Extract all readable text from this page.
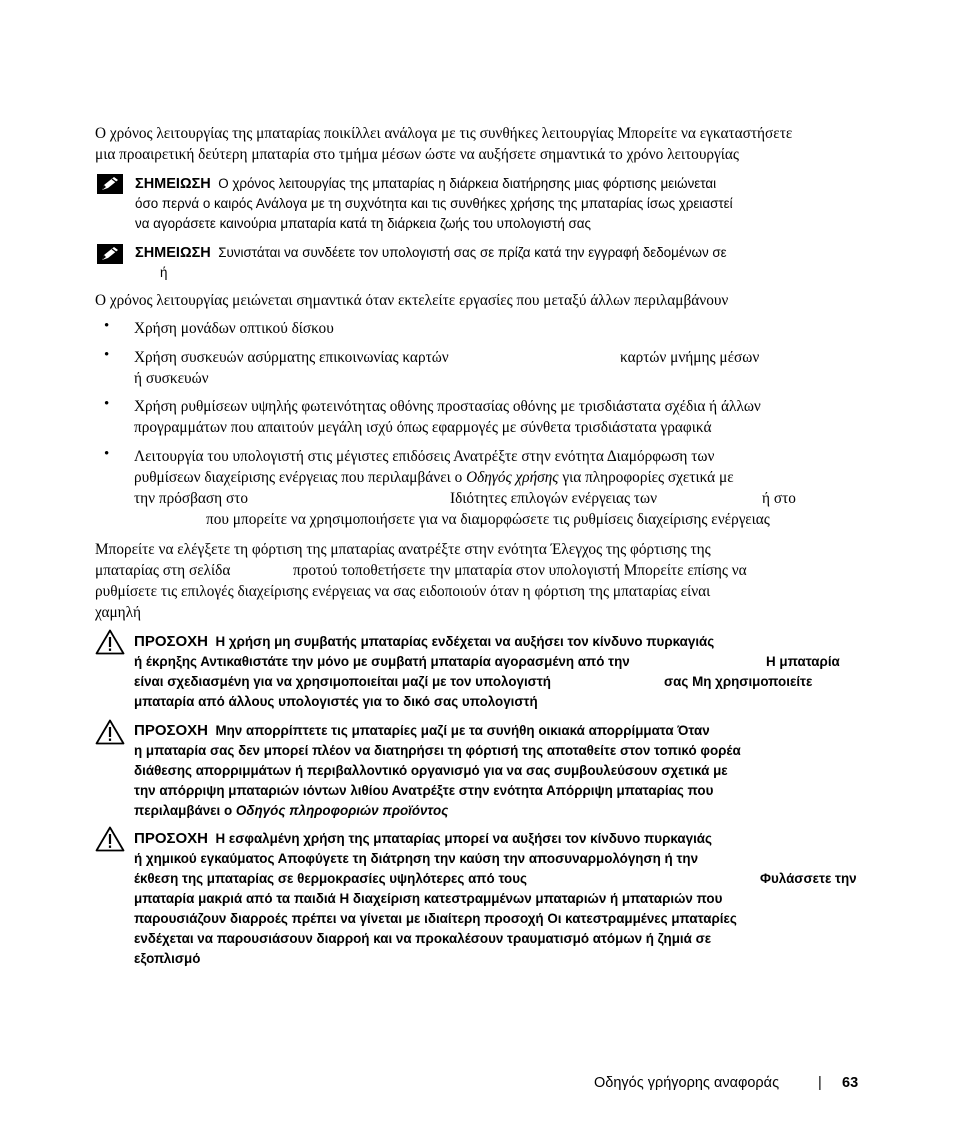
Ο χρόνος λειτουργίας της μπαταρίας ποικίλλει ανάλογα με τις συνθήκες λειτουργίας Μπορείτε να εγκαταστήσετε
μια προαιρετική δεύτερη μπαταρία στο τμήμα μέσων ώστε να αυξήσετε σημαντικά το χρόνο λειτουργίας
ΣΗΜΕΙΩΣΗ Ο χρόνος λειτουργίας της μπαταρίας η διάρκεια διατήρησης μιας φόρτισης μειώνεται
όσο περνά ο καιρός Ανάλογα με τη συχνότητα και τις συνθήκες χρήσης της μπαταρίας ίσως χρειαστεί
να αγοράσετε καινούρια μπαταρία κατά τη διάρκεια ζωής του υπολογιστή σας
ΣΗΜΕΙΩΣΗ Συνιστάται να συνδέετε τον υπολογιστή σας σε πρίζα κατά την εγγραφή δεδομένων σε
ή
Ο χρόνος λειτουργίας μειώνεται σημαντικά όταν εκτελείτε εργασίες που μεταξύ άλλων περιλαμβάνουν
• Χρήση μονάδων οπτικού δίσκου
• Χρήση συσκευών ασύρματης επικοινωνίας καρτών	καρτών μνήμης μέσων
ή συσκευών
• Χρήση ρυθμίσεων υψηλής φωτεινότητας οθόνης προστασίας οθόνης με τρισδιάστατα σχέδια ή άλλων
προγραμμάτων που απαιτούν μεγάλη ισχύ όπως εφαρμογές με σύνθετα τρισδιάστατα γραφικά
• Λειτουργία του υπολογιστή στις μέγιστες επιδόσεις Ανατρέξτε στην ενότητα Διαμόρφωση των
ρυθμίσεων διαχείρισης ενέργειας που περιλαμβάνει ο Οδηγός χρήσης για πληροφορίες σχετικά με
την πρόσβαση στο	Ιδιότητες επιλογών ενέργειας των	ή στο
που μπορείτε να χρησιμοποιήσετε για να διαμορφώσετε τις ρυθμίσεις διαχείρισης ενέργειας
Μπορείτε να ελέγξετε τη φόρτιση της μπαταρίας ανατρέξτε στην ενότητα Έλεγχος της φόρτισης της
μπαταρίας στη σελίδα	προτού τοποθετήσετε την μπαταρία στον υπολογιστή Μπορείτε επίσης να
ρυθμίσετε τις επιλογές διαχείρισης ενέργειας να σας ειδοποιούν όταν η φόρτιση της μπαταρίας είναι
χαμηλή
ΠΡΟΣΟΧΗ Η χρήση μη συμβατής μπαταρίας ενδέχεται να αυξήσει τον κίνδυνο πυρκαγιάς
ή έκρηξης Αντικαθιστάτε την μόνο με συμβατή μπαταρία αγορασμένη από την	Η μπαταρία
είναι σχεδιασμένη για να χρησιμοποιείται μαζί με τον υπολογιστή	σας Μη χρησιμοποιείτε
μπαταρία από άλλους υπολογιστές για το δικό σας υπολογιστή
ΠΡΟΣΟΧΗ Μην απορρίπτετε τις μπαταρίες μαζί με τα συνήθη οικιακά απορρίμματα Όταν
η μπαταρία σας δεν μπορεί πλέον να διατηρήσει τη φόρτισή της αποταθείτε στον τοπικό φορέα
διάθεσης απορριμμάτων ή περιβαλλοντικό οργανισμό για να σας συμβουλεύσουν σχετικά με
την απόρριψη μπαταριών ιόντων λιθίου Ανατρέξτε στην ενότητα Απόρριψη μπαταρίας που
περιλαμβάνει ο Οδηγός πληροφοριών προϊόντος
ΠΡΟΣΟΧΗ Η εσφαλμένη χρήση της μπαταρίας μπορεί να αυξήσει τον κίνδυνο πυρκαγιάς
ή χημικού εγκαύματος Αποφύγετε τη διάτρηση την καύση την αποσυναρμολόγηση ή την
έκθεση της μπαταρίας σε θερμοκρασίες υψηλότερες από τους	Φυλάσσετε την
μπαταρία μακριά από τα παιδιά Η διαχείριση κατεστραμμένων μπαταριών ή μπαταριών που
παρουσιάζουν διαρροές πρέπει να γίνεται με ιδιαίτερη προσοχή Οι κατεστραμμένες μπαταρίες
ενδέχεται να παρουσιάσουν διαρροή και να προκαλέσουν τραυματισμό ατόμων ή ζημιά σε
εξοπλισμό
Οδηγός γρήγορης αναφοράς	| 63
